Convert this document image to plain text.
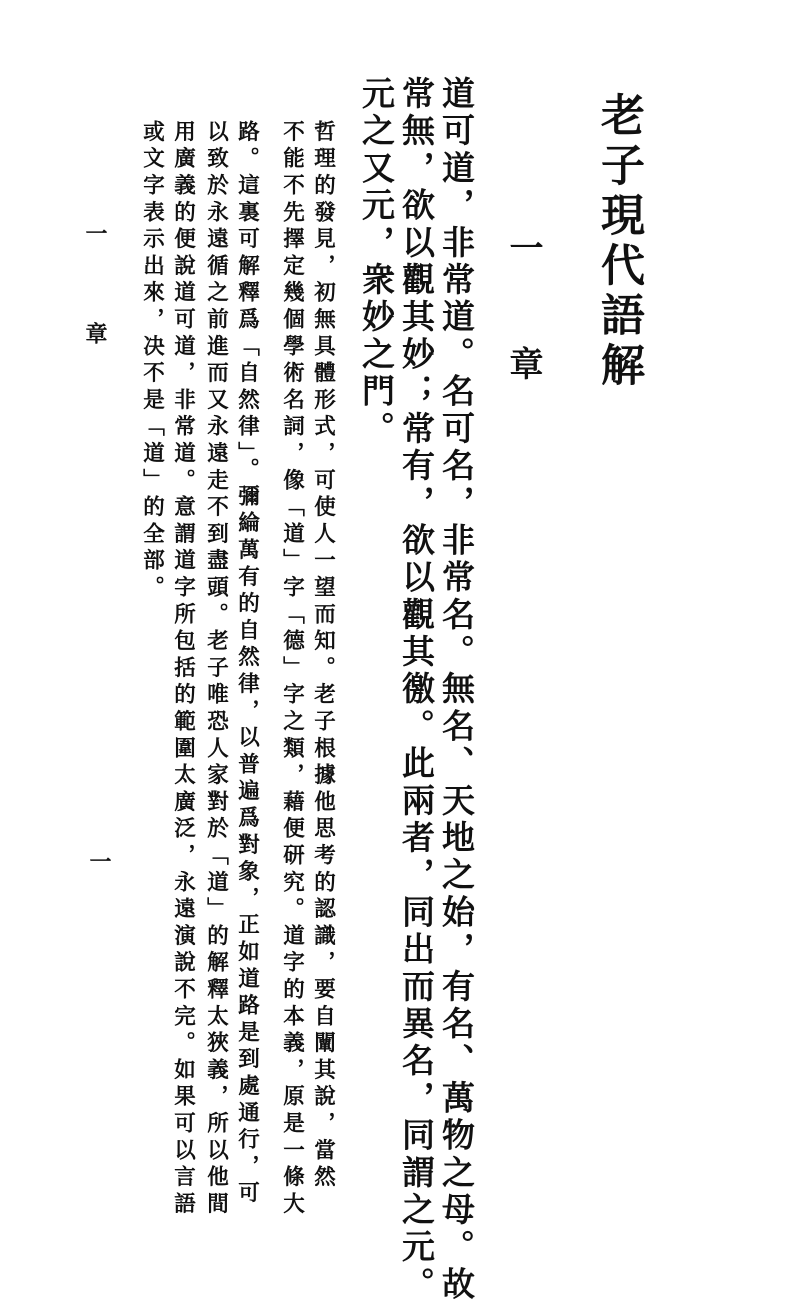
老子現代語解
一　章
道可道，非常道。名可名，非常名。無名、天地之始，有名、萬物之母。故
常無，欲以觀其妙；常有，欲以觀其徼。此兩者，同出而異名，同謂之元。
元之又元，衆妙之門。
哲理的發見，初無具體形式，可使人一望而知。老子根據他思考的認識，要自闡其說，當然
不能不先擇定幾個學術名詞，像「道」字「德」字之類，藉便研究。道字的本義，原是一條大
路。這裏可解釋爲「自然律」。彌綸萬有的自然律，以普遍爲對象，正如道路是到處通行，可
以致於永遠循之前進而又永遠走不到盡頭。老子唯恐人家對於「道」的解釋太狹義，所以他間
用廣義的便說道可道，非常道。意謂道字所包括的範圍太廣泛，永遠演說不完。如果可以言語
或文字表示出來，决不是「道」的全部。
一　章
一
